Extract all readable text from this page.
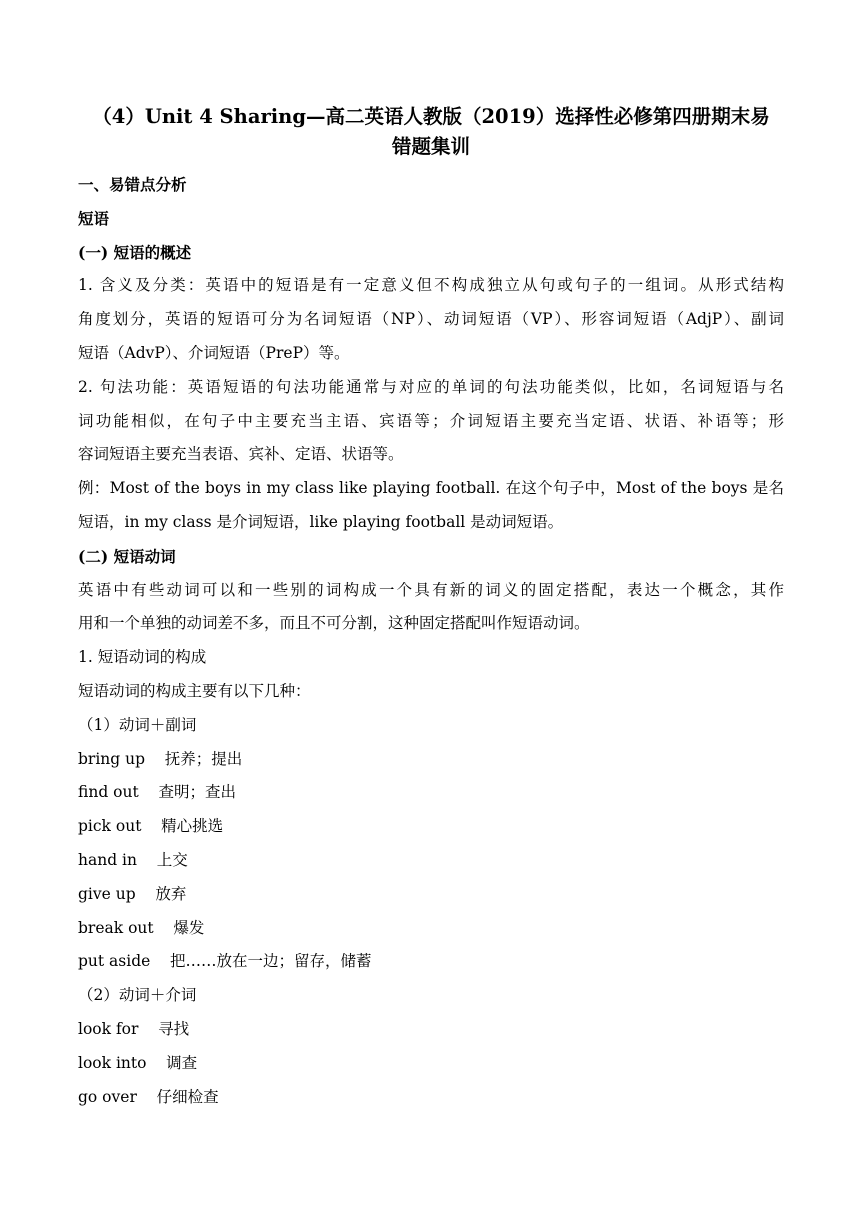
（4）Unit 4 Sharing—高二英语人教版（2019）选择性必修第四册期末易
错题集训
一、易错点分析
短语
(一) 短语的概述
1. 含义及分类：英语中的短语是有一定意义但不构成独立从句或句子的一组词。从形式结构
角度划分，英语的短语可分为名词短语（NP）、动词短语（VP）、形容词短语（AdjP）、副词
短语（AdvP）、介词短语（PreP）等。
2. 句法功能：英语短语的句法功能通常与对应的单词的句法功能类似，比如，名词短语与名
词功能相似，在句子中主要充当主语、宾语等；介词短语主要充当定语、状语、补语等；形
容词短语主要充当表语、宾补、定语、状语等。
例：Most of the boys in my class like playing football. 在这个句子中，Most of the boys 是名
短语，in my class 是介词短语，like playing football 是动词短语。
(二) 短语动词
英语中有些动词可以和一些别的词构成一个具有新的词义的固定搭配，表达一个概念，其作
用和一个单独的动词差不多，而且不可分割，这种固定搭配叫作短语动词。
1. 短语动词的构成
短语动词的构成主要有以下几种：
（1）动词＋副词
bring up 抚养；提出
find out 查明；查出
pick out 精心挑选
hand in 上交
give up 放弃
break out 爆发
put aside 把……放在一边；留存，储蓄
（2）动词＋介词
look for 寻找
look into 调查
go over 仔细检查
